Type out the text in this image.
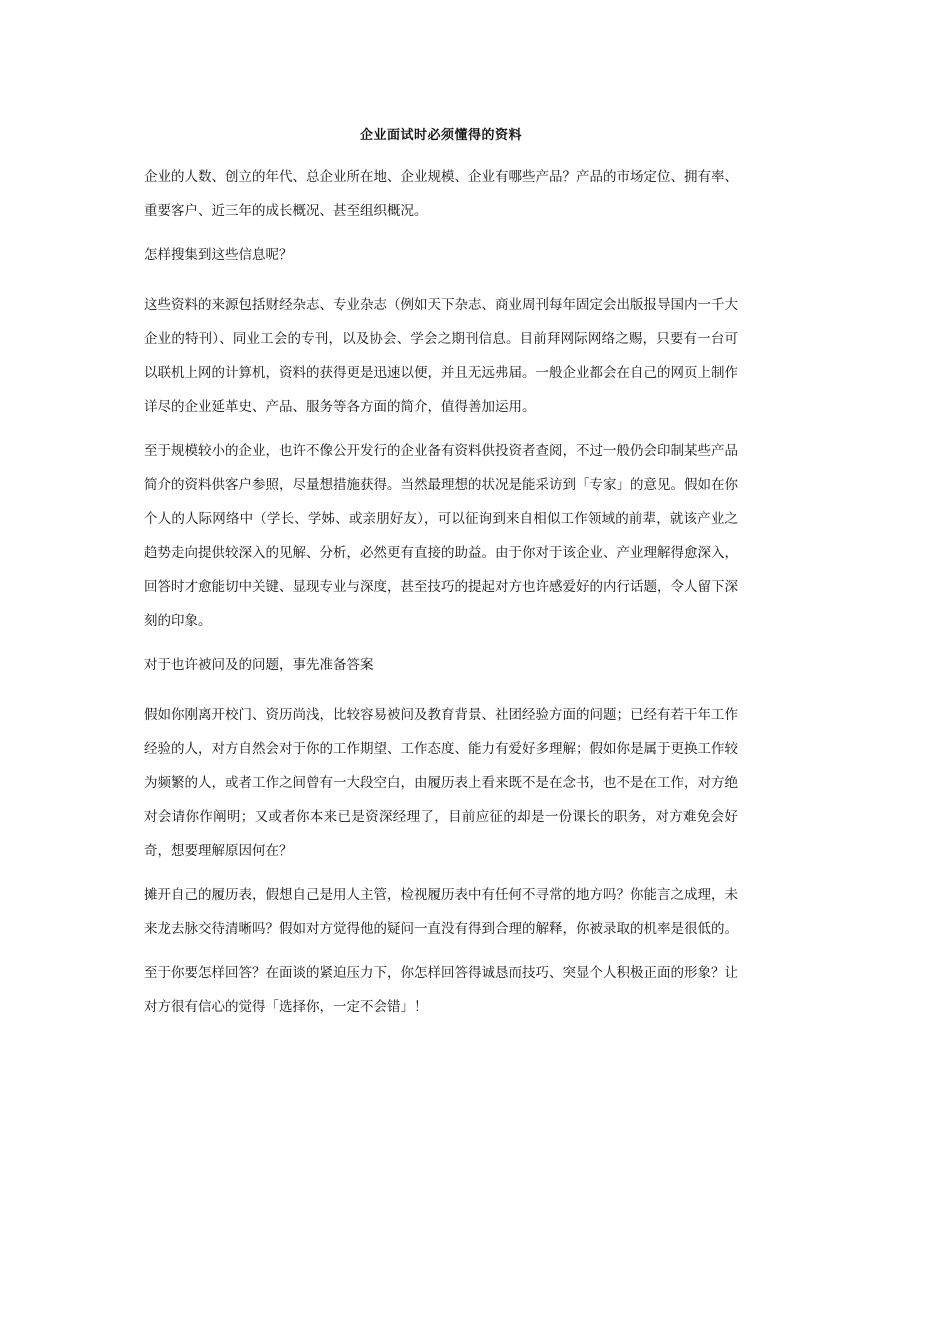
企业面试时必须懂得的资料

企业的人数、创立的年代、总企业所在地、企业规模、企业有哪些产品？产品的市场定位、拥有率、重要客户、近三年的成长概况、甚至组织概况。

怎样搜集到这些信息呢？

这些资料的来源包括财经杂志、专业杂志（例如天下杂志、商业周刊每年固定会出版报导国内一千大企业的特刊）、同业工会的专刊，以及协会、学会之期刊信息。目前拜网际网络之赐，只要有一台可以联机上网的计算机，资料的获得更是迅速以便，并且无远弗届。一般企业都会在自己的网页上制作详尽的企业延革史、产品、服务等各方面的简介，值得善加运用。

至于规模较小的企业，也许不像公开发行的企业备有资料供投资者查阅，不过一般仍会印制某些产品简介的资料供客户参照，尽量想措施获得。当然最理想的状况是能采访到「专家」的意见。假如在你个人的人际网络中（学长、学姊、或亲朋好友），可以征询到来自相似工作领域的前辈，就该产业之趋势走向提供较深入的见解、分析，必然更有直接的助益。由于你对于该企业、产业理解得愈深入，回答时才愈能切中关键、显现专业与深度，甚至技巧的提起对方也许感爱好的内行话题，令人留下深刻的印象。

对于也许被问及的问题，事先准备答案

假如你刚离开校门、资历尚浅，比较容易被问及教育背景、社团经验方面的问题；已经有若干年工作经验的人，对方自然会对于你的工作期望、工作态度、能力有爱好多理解；假如你是属于更换工作较为频繁的人，或者工作之间曾有一大段空白，由履历表上看来既不是在念书，也不是在工作，对方绝对会请你作阐明；又或者你本来已是资深经理了，目前应征的却是一份课长的职务，对方难免会好奇，想要理解原因何在？

摊开自己的履历表，假想自己是用人主管，检视履历表中有任何不寻常的地方吗？你能言之成理，未来龙去脉交待清晰吗？假如对方觉得他的疑问一直没有得到合理的解释，你被录取的机率是很低的。

至于你要怎样回答？在面谈的紧迫压力下，你怎样回答得诚恳而技巧、突显个人积极正面的形象？让对方很有信心的觉得「选择你，一定不会错」！
